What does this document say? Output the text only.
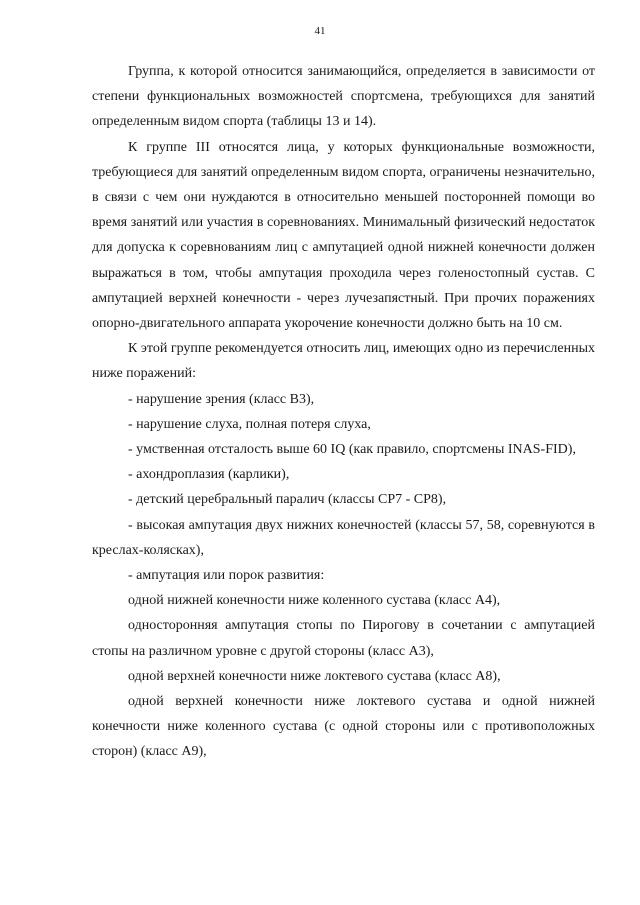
41

Группа, к которой относится занимающийся, определяется в зависимости от степени функциональных возможностей спортсмена, требующихся для занятий определенным видом спорта (таблицы 13 и 14).

К группе III относятся лица, у которых функциональные возможности, требующиеся для занятий определенным видом спорта, ограничены незначительно, в связи с чем они нуждаются в относительно меньшей посторонней помощи во время занятий или участия в соревнованиях. Минимальный физический недостаток для допуска к соревнованиям лиц с ампутацией одной нижней конечности должен выражаться в том, чтобы ампутация проходила через голеностопный сустав. С ампутацией верхней конечности - через лучезапястный. При прочих поражениях опорно-двигательного аппарата укорочение конечности должно быть на 10 см.

К этой группе рекомендуется относить лиц, имеющих одно из перечисленных ниже поражений:

- нарушение зрения (класс В3),

- нарушение слуха, полная потеря слуха,

- умственная отсталость выше 60 IQ (как правило, спортсмены INAS-FID),

- ахондроплазия (карлики),

- детский церебральный паралич (классы СР7 - СР8),

- высокая ампутация двух нижних конечностей (классы 57, 58, соревнуются в креслах-колясках),

- ампутация или порок развития:

одной нижней конечности ниже коленного сустава (класс А4),

односторонняя ампутация стопы по Пирогову в сочетании с ампутацией стопы на различном уровне с другой стороны (класс А3),

одной верхней конечности ниже локтевого сустава (класс А8),

одной верхней конечности ниже локтевого сустава и одной нижней конечности ниже коленного сустава (с одной стороны или с противоположных сторон) (класс А9),
